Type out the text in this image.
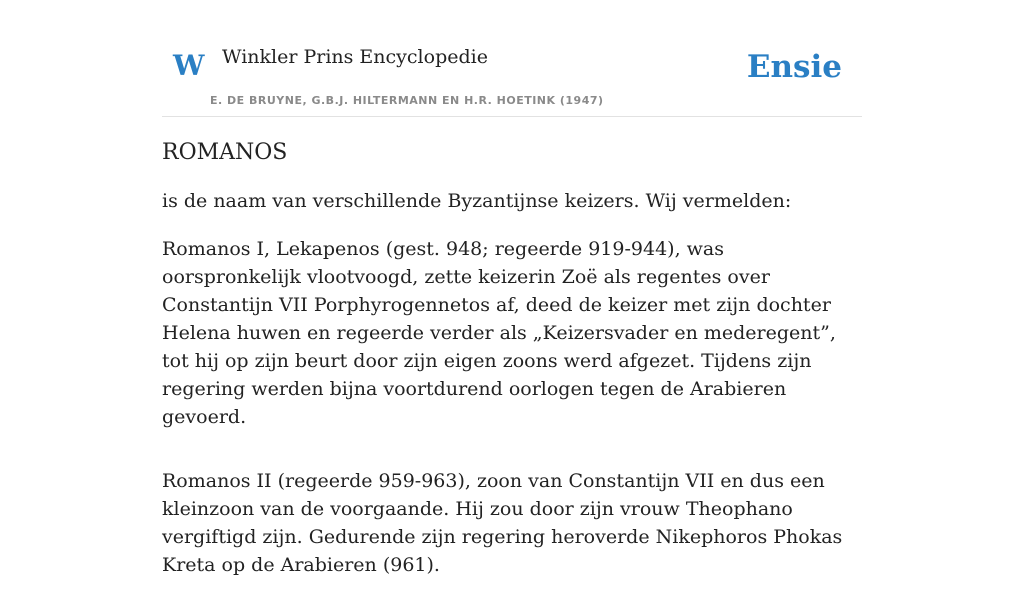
W Winkler Prins Encyclopedie
E. DE BRUYNE, G.B.J. HILTERMANN EN H.R. HOETINK (1947)
Ensie
ROMANOS

is de naam van verschillende Byzantijnse keizers. Wij vermelden:

Romanos I, Lekapenos (gest. 948; regeerde 919-944), was oorspronkelijk vlootvoogd, zette keizerin Zoë als regentes over Constantijn VII Porphyrogennetos af, deed de keizer met zijn dochter Helena huwen en regeerde verder als „Keizersvader en mederegent”, tot hij op zijn beurt door zijn eigen zoons werd afgezet. Tijdens zijn regering werden bijna voortdurend oorlogen tegen de Arabieren gevoerd.

Romanos II (regeerde 959-963), zoon van Constantijn VII en dus een kleinzoon van de voorgaande. Hij zou door zijn vrouw Theophano vergiftigd zijn. Gedurende zijn regering heroverde Nikephoros Phokas Kreta op de Arabieren (961).
